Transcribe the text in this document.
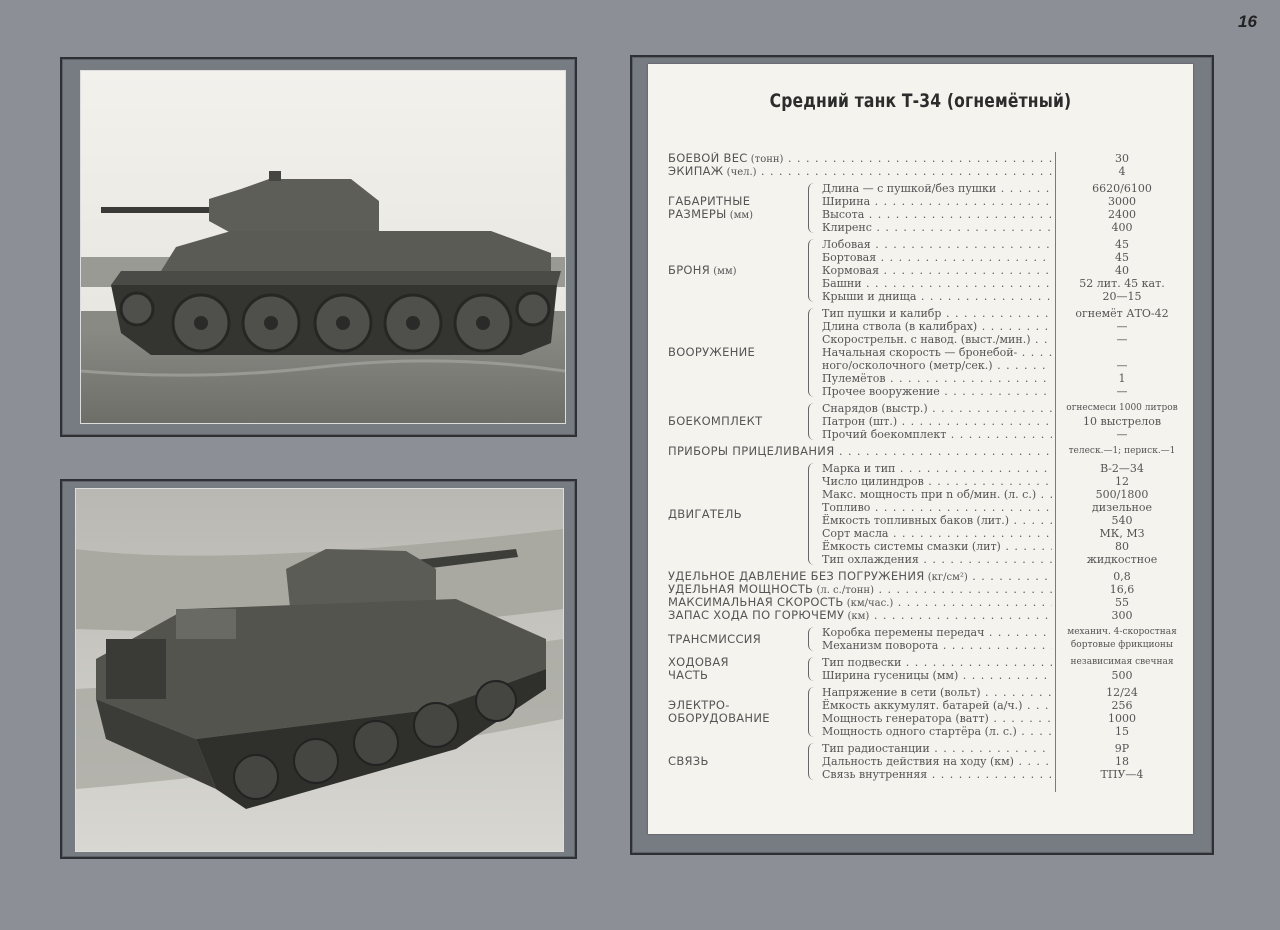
16
Средний танк Т-34 (огнемётный)
БОЕВОЙ ВЕС (тонн) . . .	30
ЭКИПАЖ (чел.) . . .	4
ГАБАРИТНЫЕ
РАЗМЕРЫ (мм)
Длина — с пушкой/без пушки . . .	6620/6100
Ширина . . .	3000
Высота . . .	2400
Клиренс . . .	400
БРОНЯ (мм)
Лобовая . . .	45
Бортовая . . .	45
Кормовая . . .	40
Башни . . .	52 лит. 45 кат.
Крыши и днища . . .	20—15
ВООРУЖЕНИЕ
Тип пушки и калибр . . .	огнемёт АТО-42
Длина ствола (в калибрах) . . .	—
Скорострельн. с навод. (выст./мин.) . . .	—
Начальная скорость — бронебой- . . .
ного/осколочного (метр/сек.) . . .	—
Пулемётов . . .	1
Прочее вооружение . . .	—
БОЕКОМПЛЕКТ
Снарядов (выстр.) . . .	огнесмеси 1000 литров
Патрон (шт.) . . .	10 выстрелов
Прочий боекомплект . . .	—
ПРИБОРЫ ПРИЦЕЛИВАНИЯ . . .	телеск.—1; периск.—1
ДВИГАТЕЛЬ
Марка и тип . . .	В-2—34
Число цилиндров . . .	12
Макс. мощность при n об/мин. (л. с.) . . .	500/1800
Топливо . . .	дизельное
Ёмкость топливных баков (лит.) . . .	540
Сорт масла . . .	МК, МЗ
Ёмкость системы смазки (лит) . . .	80
Тип охлаждения . . .	жидкостное
УДЕЛЬНОЕ ДАВЛЕНИЕ БЕЗ ПОГРУЖЕНИЯ (кг/см²) . . .	0,8
УДЕЛЬНАЯ МОЩНОСТЬ (л. с./тонн) . . .	16,6
МАКСИМАЛЬНАЯ СКОРОСТЬ (км/час.) . . .	55
ЗАПАС ХОДА ПО ГОРЮЧЕМУ (км) . . .	300
ТРАНСМИССИЯ	Коробка перемены передач . . .	механич. 4-скоростная
Механизм поворота . . .	бортовые фрикционы
ХОДОВАЯ
ЧАСТЬ
Тип подвески . . .	независимая свечная
Ширина гусеницы (мм) . . .	500
ЭЛЕКТРО-
ОБОРУДОВАНИЕ
Напряжение в сети (вольт) . . .	12/24
Ёмкость аккумулят. батарей (а/ч.) . . .	256
Мощность генератора (ватт) . . .	1000
Мощность одного стартёра (л. с.) . . .	15
СВЯЗЬ
Тип радиостанции . . .	9Р
Дальность действия на ходу (км) . . .	18
Связь внутренняя . . .	ТПУ—4
